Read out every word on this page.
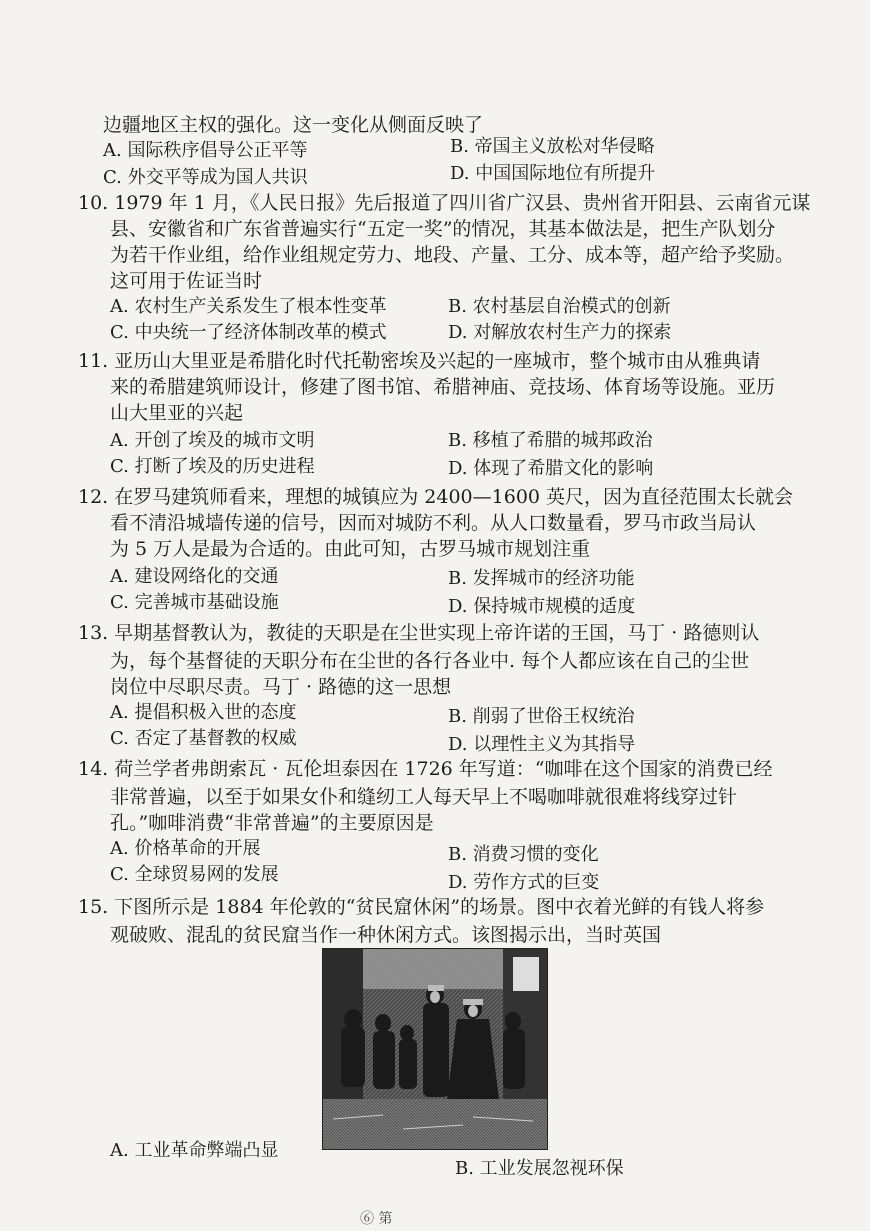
边疆地区主权的强化。这一变化从侧面反映了
A. 国际秩序倡导公正平等	B. 帝国主义放松对华侵略
C. 外交平等成为国人共识	D. 中国国际地位有所提升
10. 1979 年 1 月，《人民日报》先后报道了四川省广汉县、贵州省开阳县、云南省元谋
县、安徽省和广东省普遍实行“五定一奖”的情况，其基本做法是，把生产队划分
为若干作业组，给作业组规定劳力、地段、产量、工分、成本等，超产给予奖励。
这可用于佐证当时
A. 农村生产关系发生了根本性变革	B. 农村基层自治模式的创新
C. 中央统一了经济体制改革的模式	D. 对解放农村生产力的探索
11. 亚历山大里亚是希腊化时代托勒密埃及兴起的一座城市，整个城市由从雅典请
来的希腊建筑师设计，修建了图书馆、希腊神庙、竞技场、体育场等设施。亚历
山大里亚的兴起
A. 开创了埃及的城市文明	B. 移植了希腊的城邦政治
C. 打断了埃及的历史进程	D. 体现了希腊文化的影响
12. 在罗马建筑师看来，理想的城镇应为 2400—1600 英尺，因为直径范围太长就会
看不清沿城墙传递的信号，因而对城防不利。从人口数量看，罗马市政当局认
为 5 万人是最为合适的。由此可知，古罗马城市规划注重
A. 建设网络化的交通	B. 发挥城市的经济功能
C. 完善城市基础设施	D. 保持城市规模的适度
13. 早期基督教认为，教徒的天职是在尘世实现上帝许诺的王国，马丁 · 路德则认
为，每个基督徒的天职分布在尘世的各行各业中. 每个人都应该在自己的尘世
岗位中尽职尽责。马丁 · 路德的这一思想
A. 提倡积极入世的态度	B. 削弱了世俗王权统治
C. 否定了基督教的权威	D. 以理性主义为其指导
14. 荷兰学者弗朗索瓦 · 瓦伦坦泰因在 1726 年写道：“咖啡在这个国家的消费已经
非常普遍，以至于如果女仆和缝纫工人每天早上不喝咖啡就很难将线穿过针
孔。”咖啡消费“非常普遍”的主要原因是
A. 价格革命的开展	B. 消费习惯的变化
C. 全球贸易网的发展	D. 劳作方式的巨变
15. 下图所示是 1884 年伦敦的“贫民窟休闲”的场景。图中衣着光鲜的有钱人将参
观破败、混乱的贫民窟当作一种休闲方式。该图揭示出，当时英国
A. 工业革命弊端凸显
B. 工业发展忽视环保
⑥ 第
